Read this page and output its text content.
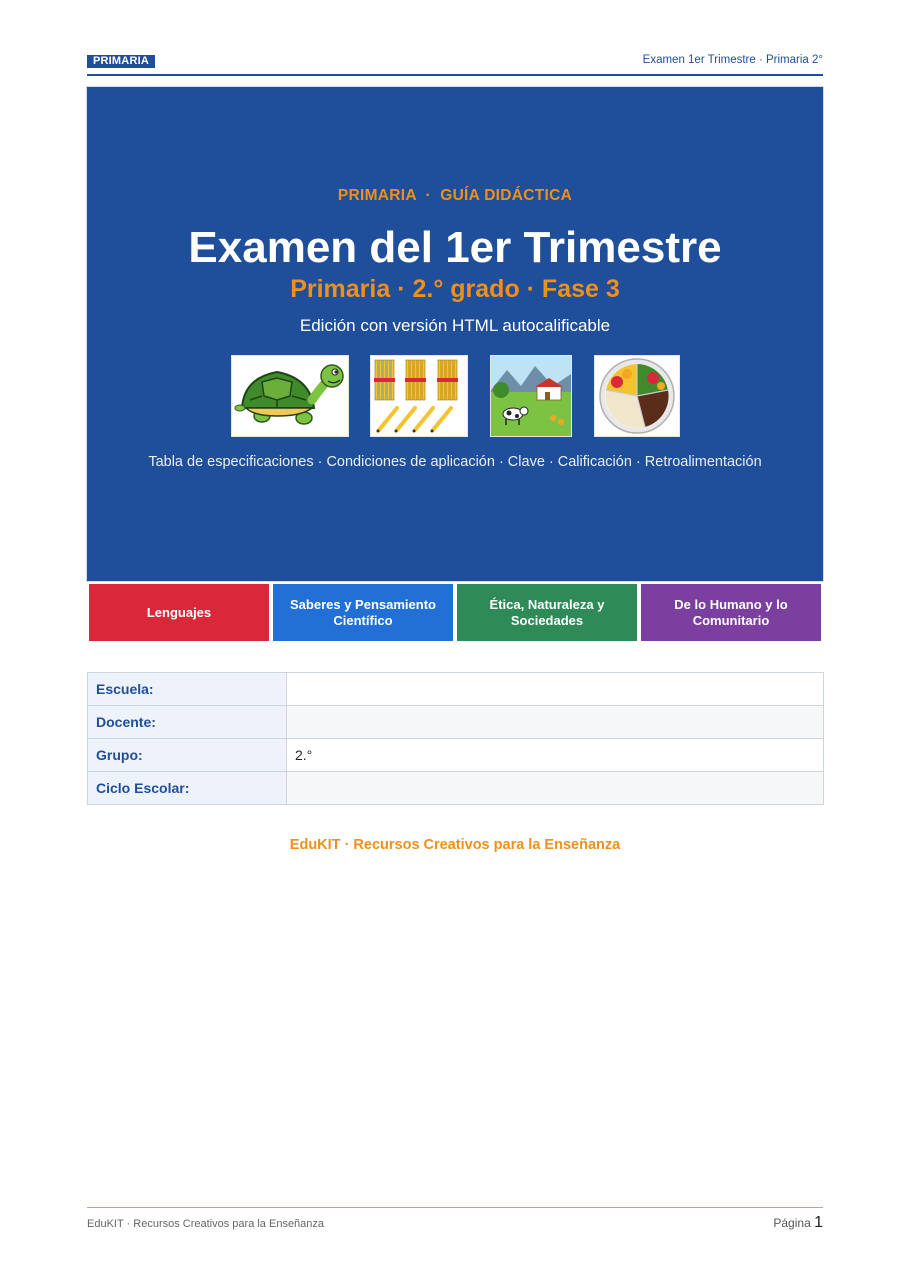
PRIMARIA	Examen 1er Trimestre · Primaria 2°
PRIMARIA  ·  GUÍA DIDÁCTICA
Examen del 1er Trimestre
Primaria · 2.° grado · Fase 3
Edición con versión HTML autocalificable
Tabla de especificaciones · Condiciones de aplicación · Clave · Calificación · Retroalimentación
Lenguajes
Saberes y Pensamiento Científico
Ética, Naturaleza y Sociedades
De lo Humano y lo Comunitario
Escuela:	
Docente:	
Grupo:	2.°
Ciclo Escolar:	
EduKIT · Recursos Creativos para la Enseñanza
EduKIT · Recursos Creativos para la Enseñanza	Página 1
